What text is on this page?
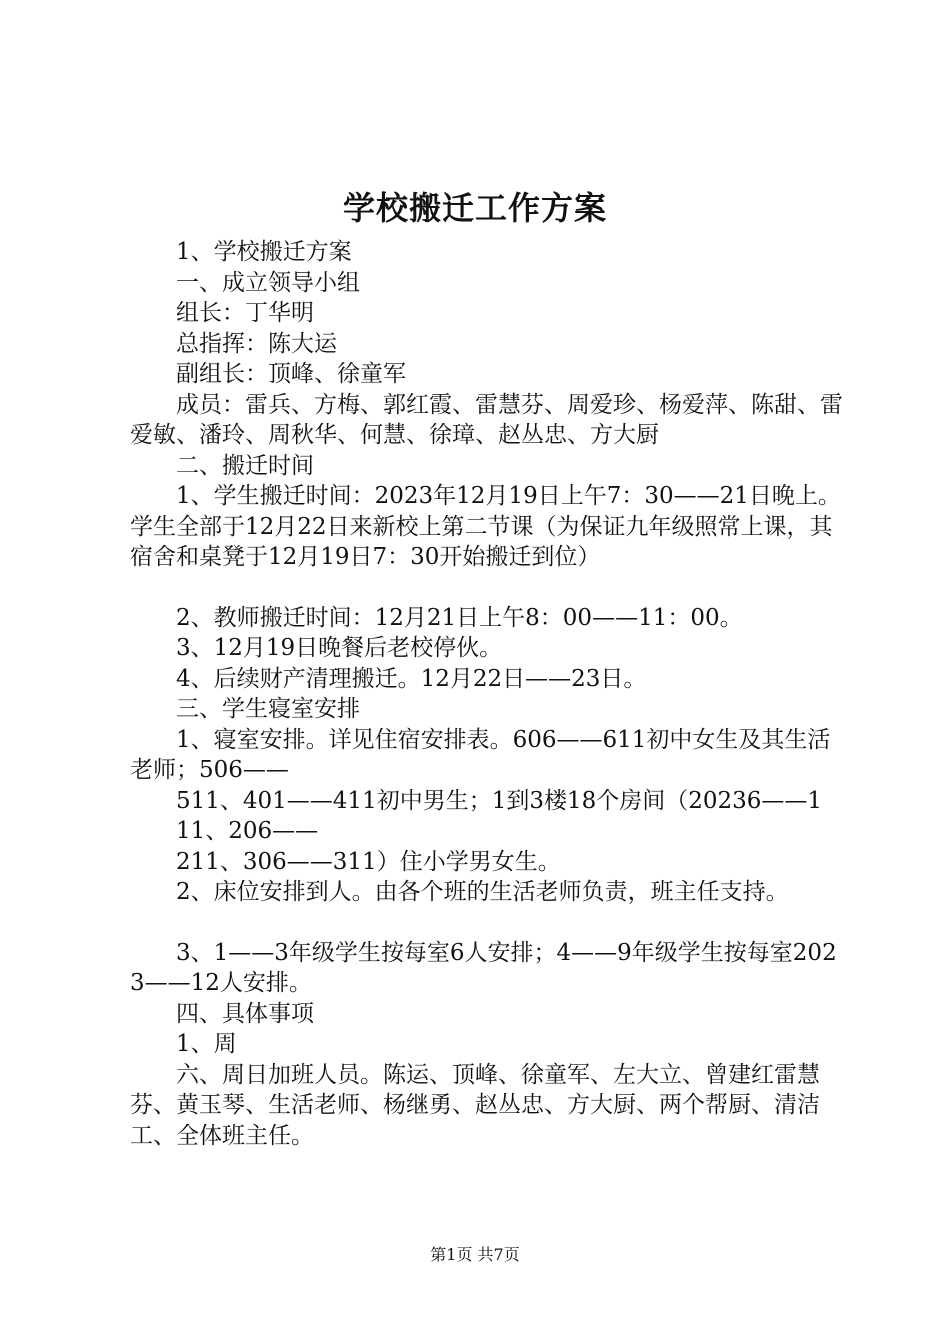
学校搬迁工作方案

1、学校搬迁方案

一、成立领导小组

组长：丁华明

总指挥：陈大运

副组长：顶峰、徐童军

成员：雷兵、方梅、郭红霞、雷慧芬、周爱珍、杨爱萍、陈甜、雷爱敏、潘玲、周秋华、何慧、徐璋、赵丛忠、方大厨

二、搬迁时间

1、学生搬迁时间：2023年12月19日上午7：30——21日晚上。学生全部于12月22日来新校上第二节课（为保证九年级照常上课，其宿舍和桌凳于12月19日7：30开始搬迁到位）

2、教师搬迁时间：12月21日上午8：00——11：00。

3、12月19日晚餐后老校停伙。

4、后续财产清理搬迁。12月22日——23日。

三、学生寝室安排

1、寝室安排。详见住宿安排表。606——611初中女生及其生活老师；506——

511、401——411初中男生；1到3楼18个房间（20236——1

11、206——

211、306——311）住小学男女生。

2、床位安排到人。由各个班的生活老师负责，班主任支持。

3、1——3年级学生按每室6人安排；4——9年级学生按每室2023——12人安排。

四、具体事项

1、周

六、周日加班人员。陈运、顶峰、徐童军、左大立、曾建红雷慧芬、黄玉琴、生活老师、杨继勇、赵丛忠、方大厨、两个帮厨、清洁工、全体班主任。

第1页 共7页
